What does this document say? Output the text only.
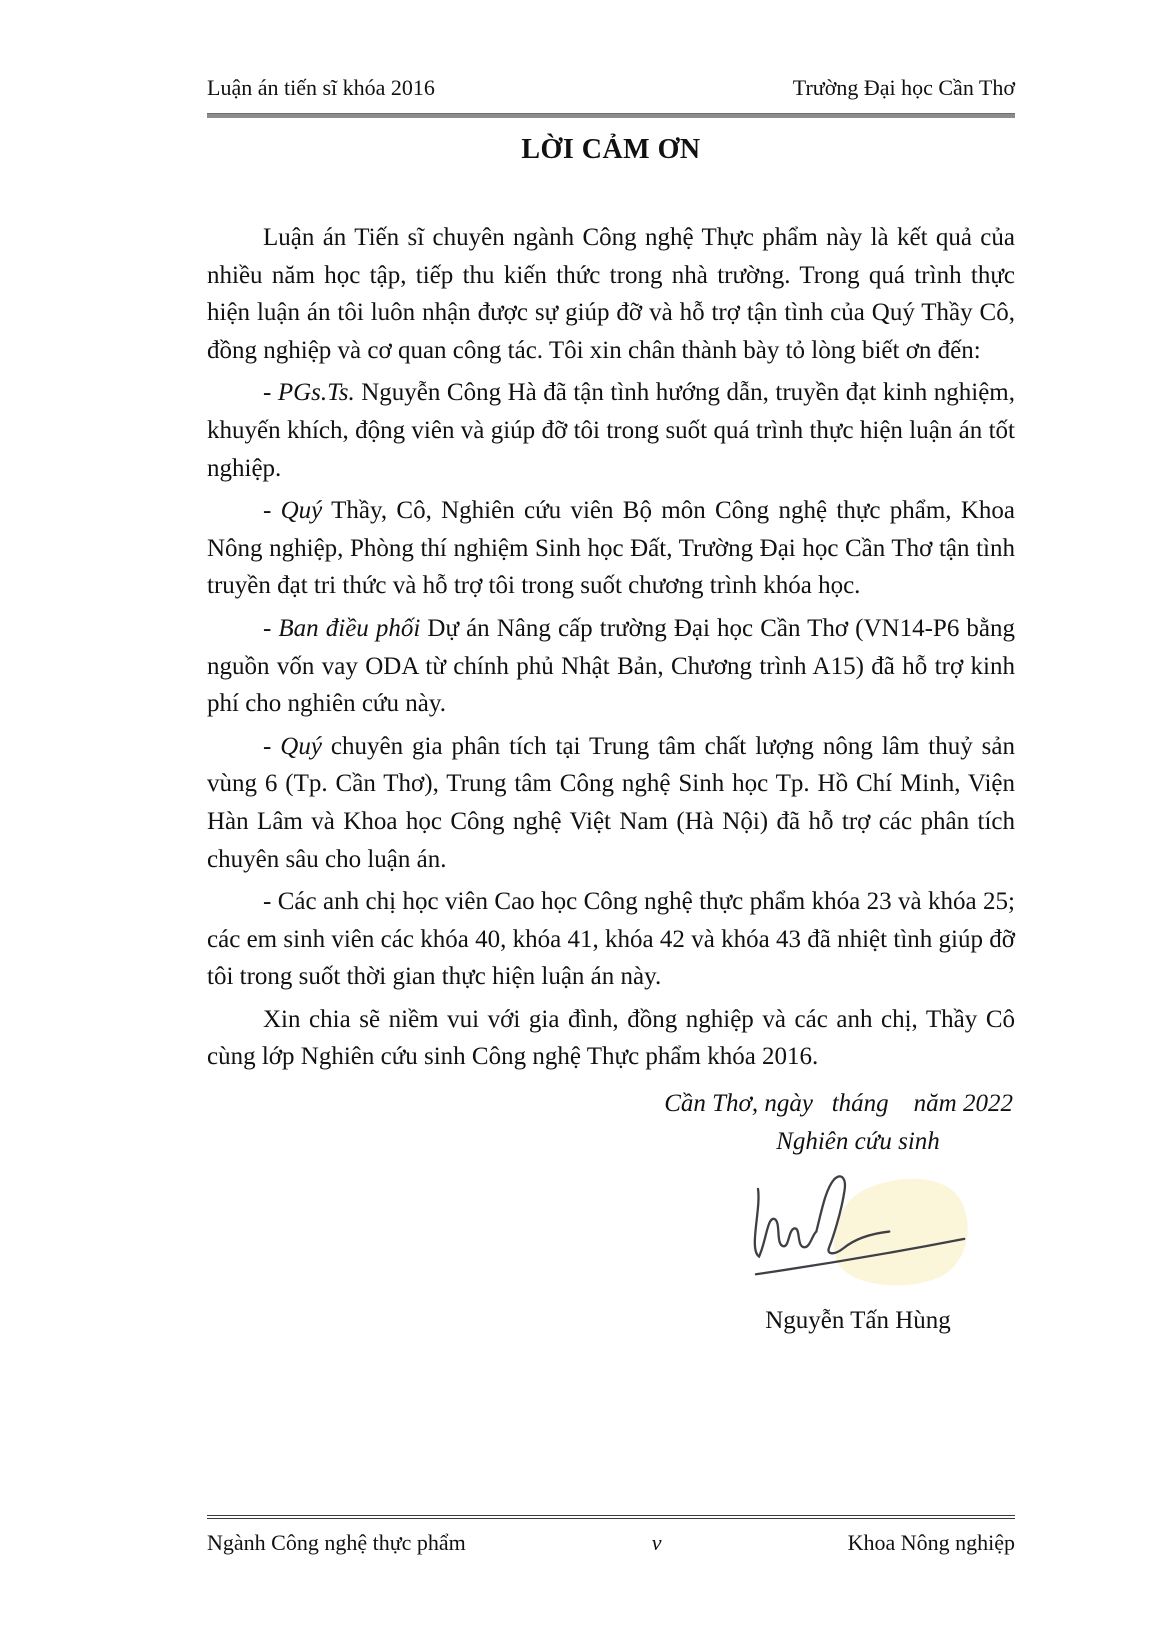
Luận án tiến sĩ khóa 2016	Trường Đại học Cần Thơ
LỜI CẢM ƠN

Luận án Tiến sĩ chuyên ngành Công nghệ Thực phẩm này là kết quả của nhiều năm học tập, tiếp thu kiến thức trong nhà trường. Trong quá trình thực hiện luận án tôi luôn nhận được sự giúp đỡ và hỗ trợ tận tình của Quý Thầy Cô, đồng nghiệp và cơ quan công tác. Tôi xin chân thành bày tỏ lòng biết ơn đến:

- PGs.Ts. Nguyễn Công Hà đã tận tình hướng dẫn, truyền đạt kinh nghiệm, khuyến khích, động viên và giúp đỡ tôi trong suốt quá trình thực hiện luận án tốt nghiệp.

- Quý Thầy, Cô, Nghiên cứu viên Bộ môn Công nghệ thực phẩm, Khoa Nông nghiệp, Phòng thí nghiệm Sinh học Đất, Trường Đại học Cần Thơ tận tình truyền đạt tri thức và hỗ trợ tôi trong suốt chương trình khóa học.

- Ban điều phối Dự án Nâng cấp trường Đại học Cần Thơ (VN14-P6 bằng nguồn vốn vay ODA từ chính phủ Nhật Bản, Chương trình A15) đã hỗ trợ kinh phí cho nghiên cứu này.

- Quý chuyên gia phân tích tại Trung tâm chất lượng nông lâm thuỷ sản vùng 6 (Tp. Cần Thơ), Trung tâm Công nghệ Sinh học Tp. Hồ Chí Minh, Viện Hàn Lâm và Khoa học Công nghệ Việt Nam (Hà Nội) đã hỗ trợ các phân tích chuyên sâu cho luận án.

- Các anh chị học viên Cao học Công nghệ thực phẩm khóa 23 và khóa 25; các em sinh viên các khóa 40, khóa 41, khóa 42 và khóa 43 đã nhiệt tình giúp đỡ tôi trong suốt thời gian thực hiện luận án này.

Xin chia sẽ niềm vui với gia đình, đồng nghiệp và các anh chị, Thầy Cô cùng lớp Nghiên cứu sinh Công nghệ Thực phẩm khóa 2016.

Cần Thơ, ngày   tháng    năm 2022
Nghiên cứu sinh
Nguyễn Tấn Hùng
Ngành Công nghệ thực phẩm	v	Khoa Nông nghiệp
